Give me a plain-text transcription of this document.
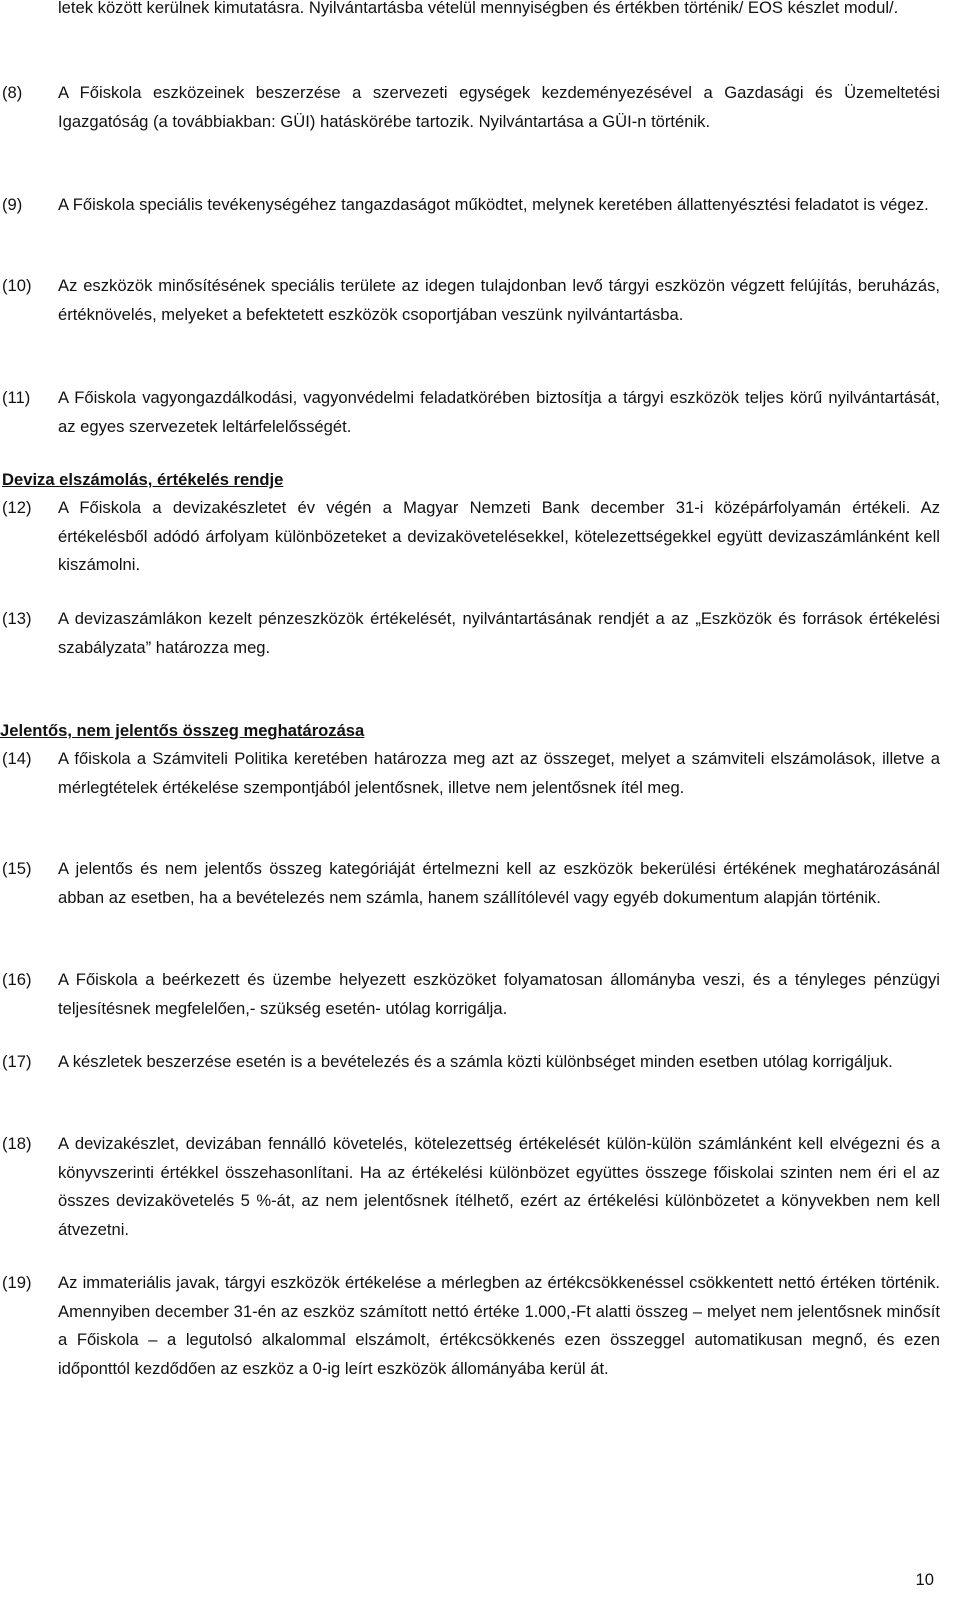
letek között kerülnek kimutatásra. Nyilvántartásba vételül mennyiségben és értékben történik/ EOS készlet modul/.
(8)	A Főiskola eszközeinek beszerzése a szervezeti egységek kezdeményezésével a Gazdasági és Üzemeltetési Igazgatóság (a továbbiakban: GÜI) hatáskörébe tartozik. Nyilvántartása a GÜI-n történik.
(9)	A Főiskola speciális tevékenységéhez tangazdaságot működtet, melynek keretében állattenyésztési feladatot is végez.
(10)	Az eszközök minősítésének speciális területe az idegen tulajdonban levő tárgyi eszközön végzett felújítás, beruházás, értéknövelés, melyeket a befektetett eszközök csoportjában veszünk nyilvántartásba.
(11)	A Főiskola vagyongazdálkodási, vagyonvédelmi feladatkörében biztosítja a tárgyi eszközök teljes körű nyilvántartását, az egyes szervezetek leltárfelelősségét.
Deviza elszámolás, értékelés rendje
(12)	A Főiskola a devizakészletet év végén a Magyar Nemzeti Bank december 31-i középárfolyamán értékeli. Az értékelésből adódó árfolyam különbözeteket a devizakövetelésekkel, kötelezettségekkel együtt devizaszámlánként kell kiszámolni.
(13)	A devizaszámlákon kezelt pénzeszközök értékelését, nyilvántartásának rendjét a az „Eszközök és források értékelési szabályzata” határozza meg.
Jelentős, nem jelentős összeg meghatározása
(14)	A főiskola a Számviteli Politika keretében határozza meg azt az összeget, melyet a számviteli elszámolások, illetve a mérlegtételek értékelése szempontjából jelentősnek, illetve nem jelentősnek ítél meg.
(15)	A jelentős és nem jelentős összeg kategóriáját értelmezni kell az eszközök bekerülési értékének meghatározásánál abban az esetben, ha a bevételezés nem számla, hanem szállítólevél vagy egyéb dokumentum alapján történik.
(16)	A Főiskola a beérkezett és üzembe helyezett eszközöket folyamatosan állományba veszi, és a tényleges pénzügyi teljesítésnek megfelelően,- szükség esetén- utólag korrigálja.
(17)	A készletek beszerzése esetén is a bevételezés és a számla közti különbséget minden esetben utólag korrigáljuk.
(18)	A devizakészlet, devizában fennálló követelés, kötelezettség értékelését külön-külön számlánként kell elvégezni és a könyvszerinti értékkel összehasonlítani. Ha az értékelési különbözet együttes összege főiskolai szinten nem éri el az összes devizakövetelés 5 %-át, az nem jelentősnek ítélhető, ezért az értékelési különbözetet a könyvekben nem kell átvezetni.
(19)	Az immateriális javak, tárgyi eszközök értékelése a mérlegben az értékcsökkenéssel csökkentett nettó értéken történik. Amennyiben december 31-én az eszköz számított nettó értéke 1.000,-Ft alatti összeg – melyet nem jelentősnek minősít a Főiskola – a legutolsó alkalommal elszámolt, értékcsökkenés ezen összeggel automatikusan megnő, és ezen időponttól kezdődően az eszköz a 0-ig leírt eszközök állományába kerül át.
10
